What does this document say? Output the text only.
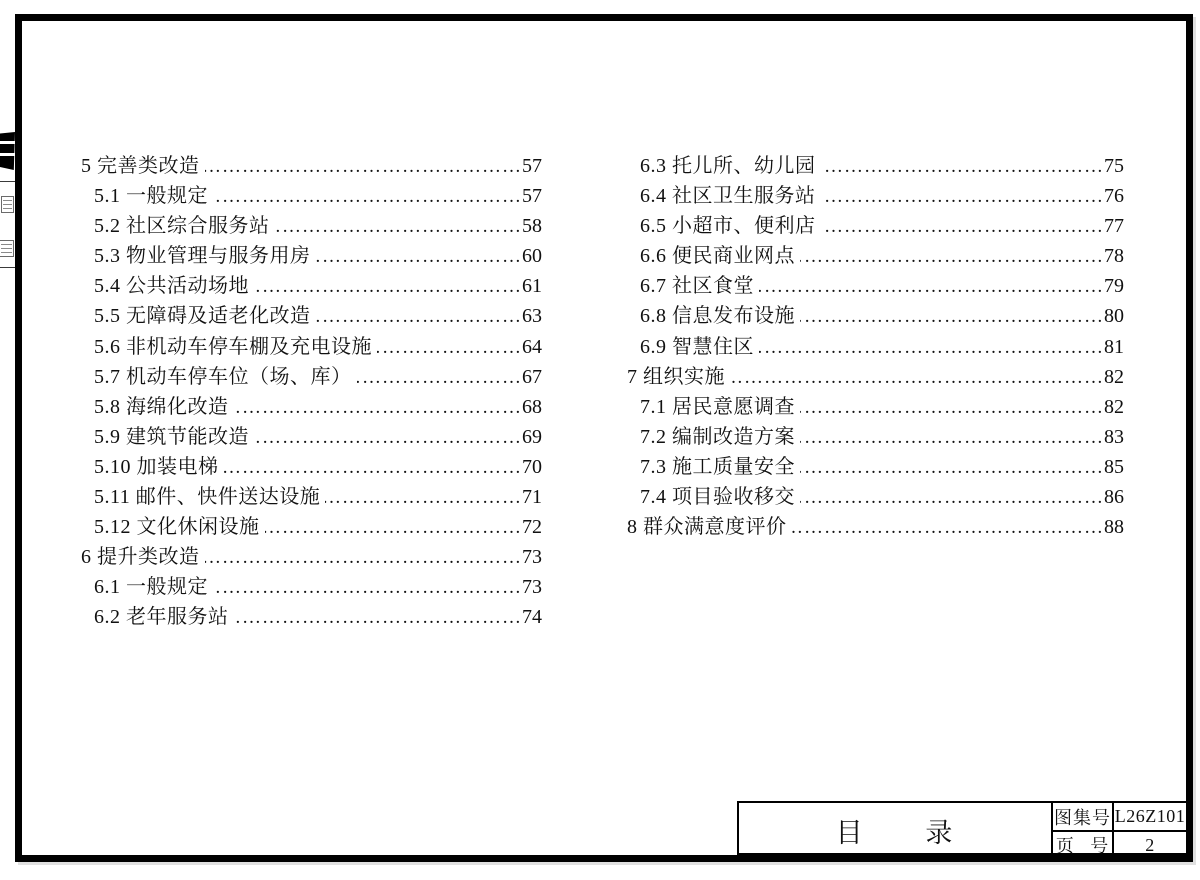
5 完善类改造 ……………………………………………………………………………………………………………………………………	57
5.1 一般规定 ……………………………………………………………………………………………………………………………………	57
5.2 社区综合服务站 ……………………………………………………………………………………………………………………………………	58
5.3 物业管理与服务用房 ……………………………………………………………………………………………………………………………………	60
5.4 公共活动场地 ……………………………………………………………………………………………………………………………………	61
5.5 无障碍及适老化改造 ……………………………………………………………………………………………………………………………………	63
5.6 非机动车停车棚及充电设施 ……………………………………………………………………………………………………………………………………	64
5.7 机动车停车位（场、库） ……………………………………………………………………………………………………………………………………	67
5.8 海绵化改造 ……………………………………………………………………………………………………………………………………	68
5.9 建筑节能改造 ……………………………………………………………………………………………………………………………………	69
5.10 加装电梯 ……………………………………………………………………………………………………………………………………	70
5.11 邮件、快件送达设施 ……………………………………………………………………………………………………………………………………	71
5.12 文化休闲设施 ……………………………………………………………………………………………………………………………………	72
6 提升类改造 ……………………………………………………………………………………………………………………………………	73
6.1 一般规定 ……………………………………………………………………………………………………………………………………	73
6.2 老年服务站 ……………………………………………………………………………………………………………………………………	74
6.3 托儿所、幼儿园 ……………………………………………………………………………………………………………………………………	75
6.4 社区卫生服务站 ……………………………………………………………………………………………………………………………………	76
6.5 小超市、便利店 ……………………………………………………………………………………………………………………………………	77
6.6 便民商业网点 ……………………………………………………………………………………………………………………………………	78
6.7 社区食堂 ……………………………………………………………………………………………………………………………………	79
6.8 信息发布设施 ……………………………………………………………………………………………………………………………………	80
6.9 智慧住区 ……………………………………………………………………………………………………………………………………	81
7 组织实施 ……………………………………………………………………………………………………………………………………	82
7.1 居民意愿调查 ……………………………………………………………………………………………………………………………………	82
7.2 编制改造方案 ……………………………………………………………………………………………………………………………………	83
7.3 施工质量安全 ……………………………………………………………………………………………………………………………………	85
7.4 项目验收移交 ……………………………………………………………………………………………………………………………………	86
8 群众满意度评价 ……………………………………………………………………………………………………………………………………	88
目 录
图集号 L26Z101
页 号	2
